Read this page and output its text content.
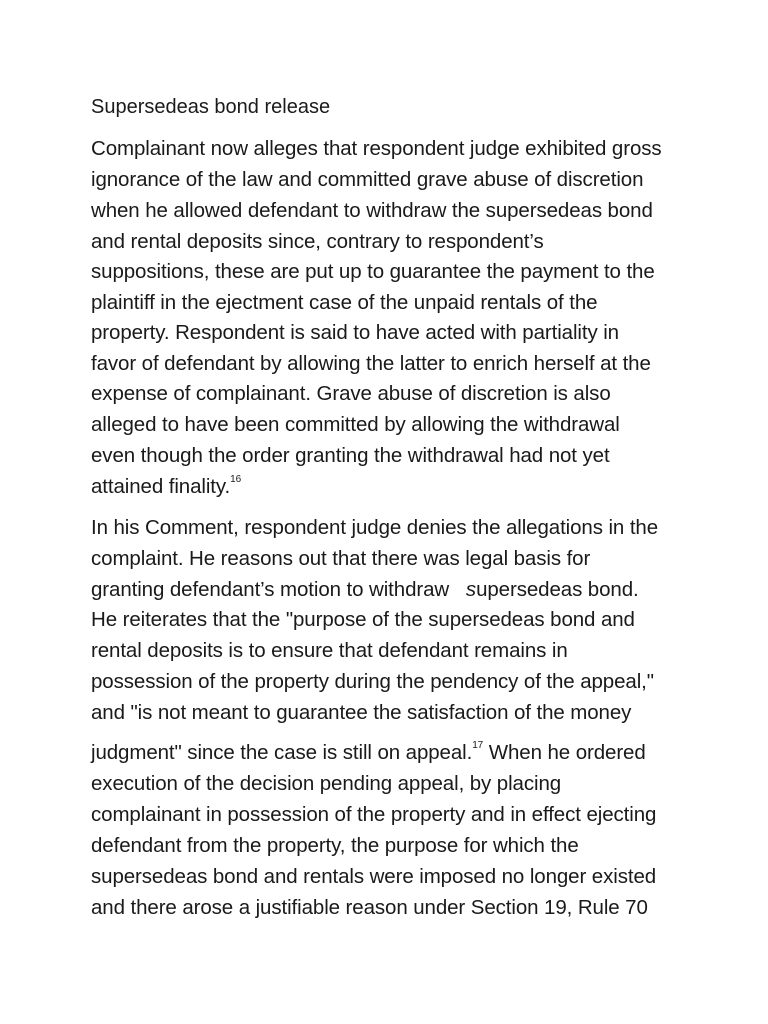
Supersedeas bond release
Complainant now alleges that respondent judge exhibited gross
ignorance of the law and committed grave abuse of discretion
when he allowed defendant to withdraw the supersedeas bond
and rental deposits since, contrary to respondent’s
suppositions, these are put up to guarantee the payment to the
plaintiff in the ejectment case of the unpaid rentals of the
property. Respondent is said to have acted with partiality in
favor of defendant by allowing the latter to enrich herself at the
expense of complainant. Grave abuse of discretion is also
alleged to have been committed by allowing the withdrawal
even though the order granting the withdrawal had not yet
attained finality.$^{16}$
In his Comment, respondent judge denies the allegations in the
complaint. He reasons out that there was legal basis for
granting defendant’s motion to withdraw supersedeas bond.
He reiterates that the "purpose of the supersedeas bond and
rental deposits is to ensure that defendant remains in
possession of the property during the pendency of the appeal,"
and "is not meant to guarantee the satisfaction of the money
judgment" since the case is still on appeal.$^{17}$ When he ordered
execution of the decision pending appeal, by placing
complainant in possession of the property and in effect ejecting
defendant from the property, the purpose for which the
supersedeas bond and rentals were imposed no longer existed
and there arose a justifiable reason under Section 19, Rule 70
